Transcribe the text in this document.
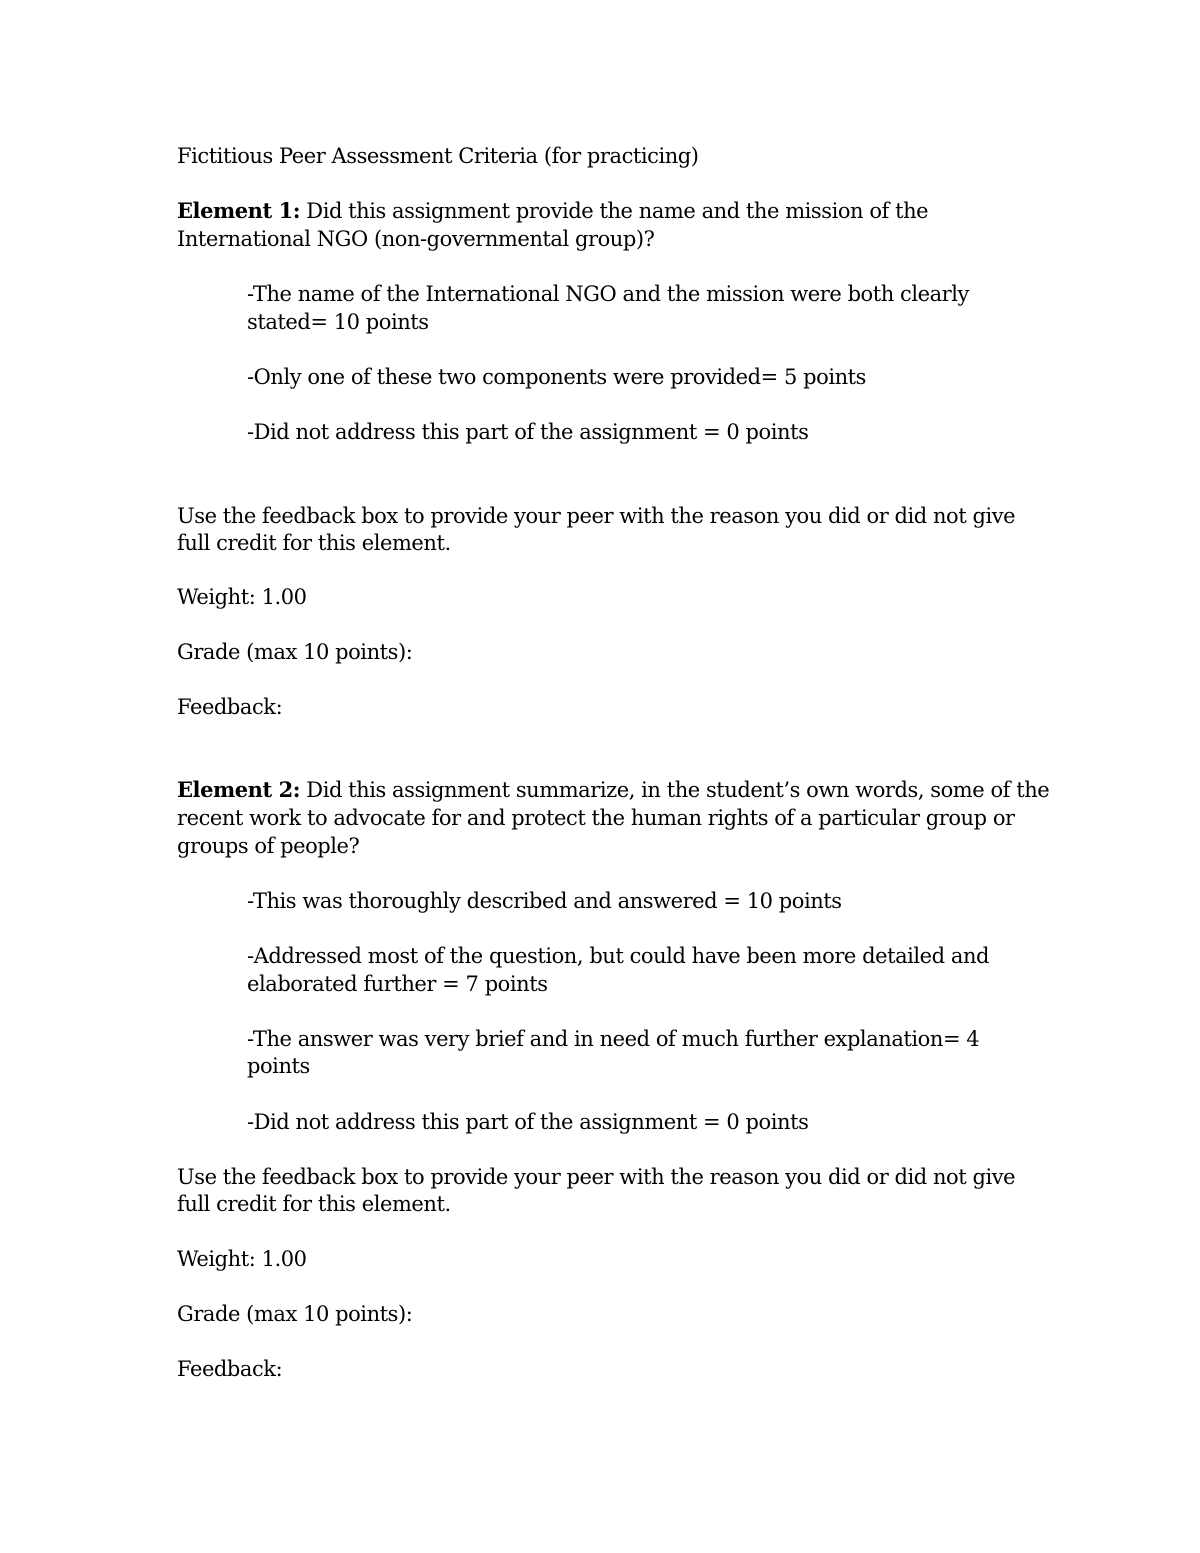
Fictitious Peer Assessment Criteria (for practicing)
Element 1: Did this assignment provide the name and the mission of the
International NGO (non-governmental group)?
-The name of the International NGO and the mission were both clearly
stated= 10 points
-Only one of these two components were provided= 5 points
-Did not address this part of the assignment = 0 points
Use the feedback box to provide your peer with the reason you did or did not give
full credit for this element.
Weight: 1.00
Grade (max 10 points):
Feedback:
Element 2: Did this assignment summarize, in the student’s own words, some of the
recent work to advocate for and protect the human rights of a particular group or
groups of people?
-This was thoroughly described and answered = 10 points
-Addressed most of the question, but could have been more detailed and
elaborated further = 7 points
-The answer was very brief and in need of much further explanation= 4
points
-Did not address this part of the assignment = 0 points
Use the feedback box to provide your peer with the reason you did or did not give
full credit for this element.
Weight: 1.00
Grade (max 10 points):
Feedback:
